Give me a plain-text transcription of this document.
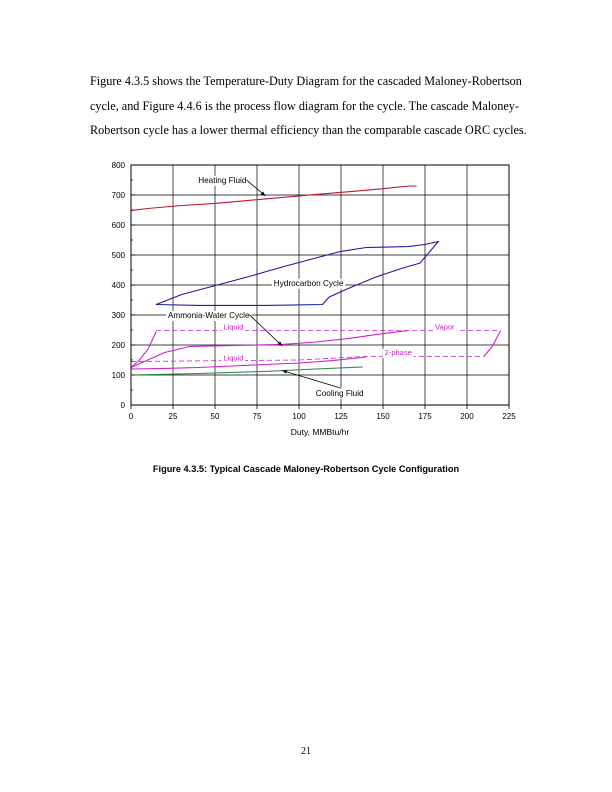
Figure 4.3.5 shows the Temperature-Duty Diagram for the cascaded Maloney-Robertson cycle, and Figure 4.4.6 is the process flow diagram for the cycle. The cascade Maloney-Robertson cycle has a lower thermal efficiency than the comparable cascade ORC cycles.

0	25	50	75	100	125	150	175	200	225
0
100
200
300
400
500
600
700
800
Heating Fluid
Hydrocarbon Cycle
Ammonia-Water Cycle
Liquid	Vapor
Liquid
2-phase
Cooling Fluid
Duty, MMBtu/hr
Figure 4.3.5: Typical Cascade Maloney-Robertson Cycle Configuration
21
